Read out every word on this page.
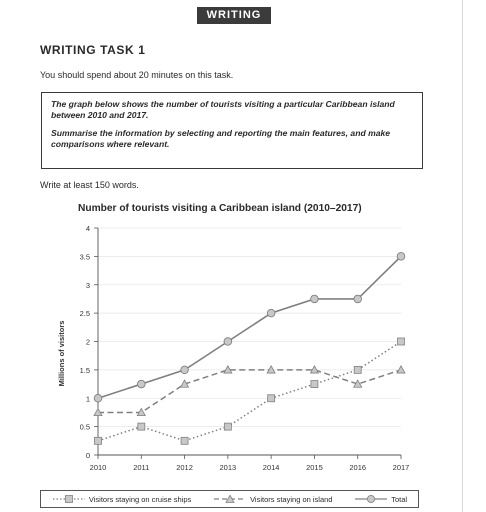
WRITING
WRITING TASK 1
You should spend about 20 minutes on this task.

The graph below shows the number of tourists visiting a particular Caribbean island between 2010 and 2017.

Summarise the information by selecting and reporting the main features, and make comparisons where relevant.

Write at least 150 words.
Number of tourists visiting a Caribbean island (2010–2017)
0
0.5
1
1.5
2
2.5
3
3.5
4
2010	2011	2012	2013	2014	2015	2016	2017
Millions of visitors
Visitors staying on cruise ships	Visitors staying on island	Total
